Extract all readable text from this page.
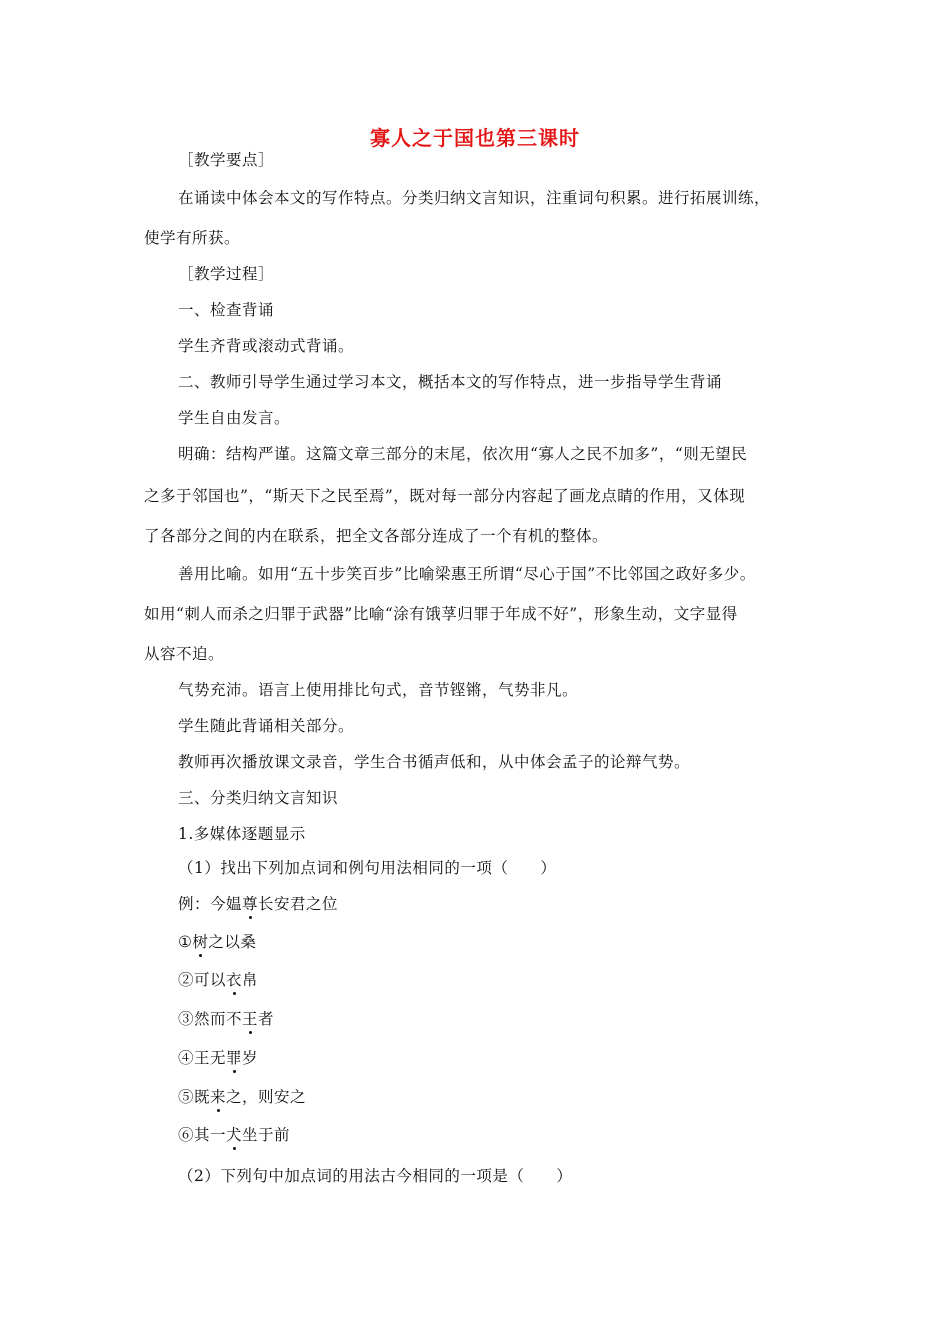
寡人之于国也第三课时
［教学要点］
在诵读中体会本文的写作特点。分类归纳文言知识，注重词句积累。进行拓展训练，
使学有所获。
［教学过程］
一、检查背诵
学生齐背或滚动式背诵。
二、教师引导学生通过学习本文，概括本文的写作特点，进一步指导学生背诵
学生自由发言。
明确：结构严谨。这篇文章三部分的末尾，依次用“寡人之民不加多”，“则无望民
之多于邻国也”，“斯天下之民至焉”，既对每一部分内容起了画龙点睛的作用，又体现
了各部分之间的内在联系，把全文各部分连成了一个有机的整体。
善用比喻。如用“五十步笑百步”比喻梁惠王所谓“尽心于国”不比邻国之政好多少。
如用“刺人而杀之归罪于武器”比喻“涂有饿莩归罪于年成不好”，形象生动，文字显得
从容不迫。
气势充沛。语言上使用排比句式，音节铿锵，气势非凡。
学生随此背诵相关部分。
教师再次播放课文录音，学生合书循声低和，从中体会孟子的论辩气势。
三、分类归纳文言知识
1.多媒体逐题显示
（1）找出下列加点词和例句用法相同的一项（　　）
例：今媪尊长安君之位
①树之以桑
②可以衣帛
③然而不王者
④王无罪岁
⑤既来之，则安之
⑥其一犬坐于前
（2）下列句中加点词的用法古今相同的一项是（　　）
